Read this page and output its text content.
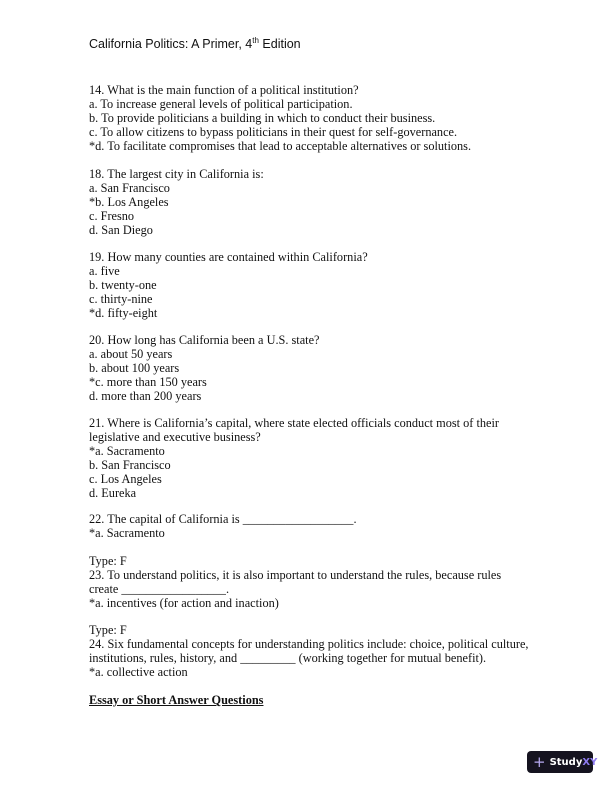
California Politics: A Primer, 4th Edition
14. What is the main function of a political institution?
a. To increase general levels of political participation.
b. To provide politicians a building in which to conduct their business.
c. To allow citizens to bypass politicians in their quest for self-governance.
*d. To facilitate compromises that lead to acceptable alternatives or solutions.
18. The largest city in California is:
a. San Francisco
*b. Los Angeles
c. Fresno
d. San Diego
19. How many counties are contained within California?
a. five
b. twenty-one
c. thirty-nine
*d. fifty-eight
20. How long has California been a U.S. state?
a. about 50 years
b. about 100 years
*c. more than 150 years
d. more than 200 years
21. Where is California’s capital, where state elected officials conduct most of their
legislative and executive business?
*a. Sacramento
b. San Francisco
c. Los Angeles
d. Eureka
22. The capital of California is __________________.
*a. Sacramento
Type: F
23. To understand politics, it is also important to understand the rules, because rules
create _________________.
*a. incentives (for action and inaction)
Type: F
24. Six fundamental concepts for understanding politics include: choice, political culture,
institutions, rules, history, and _________ (working together for mutual benefit).
*a. collective action
Essay or Short Answer Questions
+ StudyXY
